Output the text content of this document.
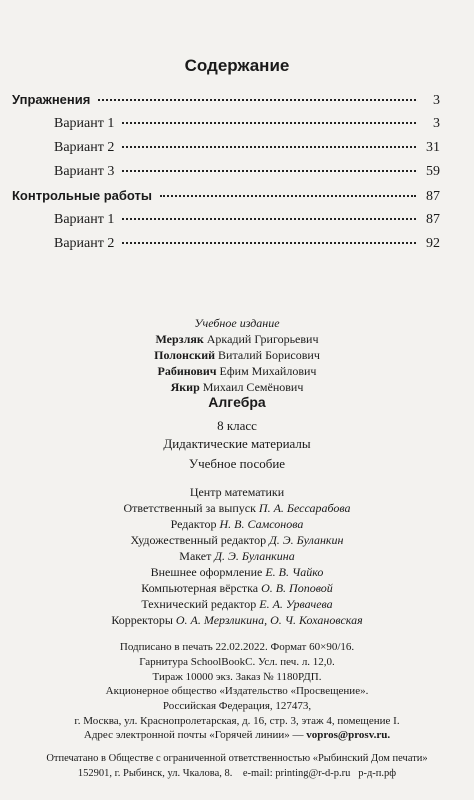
Содержание
Упражнения	3
Вариант 1	3
Вариант 2	31
Вариант 3	59
Контрольные работы	87
Вариант 1	87
Вариант 2	92
Учебное издание
Мерзляк Аркадий Григорьевич
Полонский Виталий Борисович
Рабинович Ефим Михайлович
Якир Михаил Семёнович
Алгебра
8 класс
Дидактические материалы
Учебное пособие
Центр математики
Ответственный за выпуск П. А. Бессарабова
Редактор Н. В. Самсонова
Художественный редактор Д. Э. Буланкин
Макет Д. Э. Буланкина
Внешнее оформление Е. В. Чайко
Компьютерная вёрстка О. В. Поповой
Технический редактор Е. А. Урвачева
Корректоры О. А. Мерзликина, О. Ч. Кохановская
Подписано в печать 22.02.2022. Формат 60×90/16.
Гарнитура SchoolBookC. Усл. печ. л. 12,0.
Тираж 10000 экз. Заказ № 1180РДП.
Акционерное общество «Издательство «Просвещение».
Российская Федерация, 127473,
г. Москва, ул. Краснопролетарская, д. 16, стр. 3, этаж 4, помещение I.
Адрес электронной почты «Горячей линии» — vopros@prosv.ru.
Отпечатано в Обществе с ограниченной ответственностью «Рыбинский Дом печати»
152901, г. Рыбинск, ул. Чкалова, 8.    e-mail: printing@r-d-p.ru   р-д-п.рф
